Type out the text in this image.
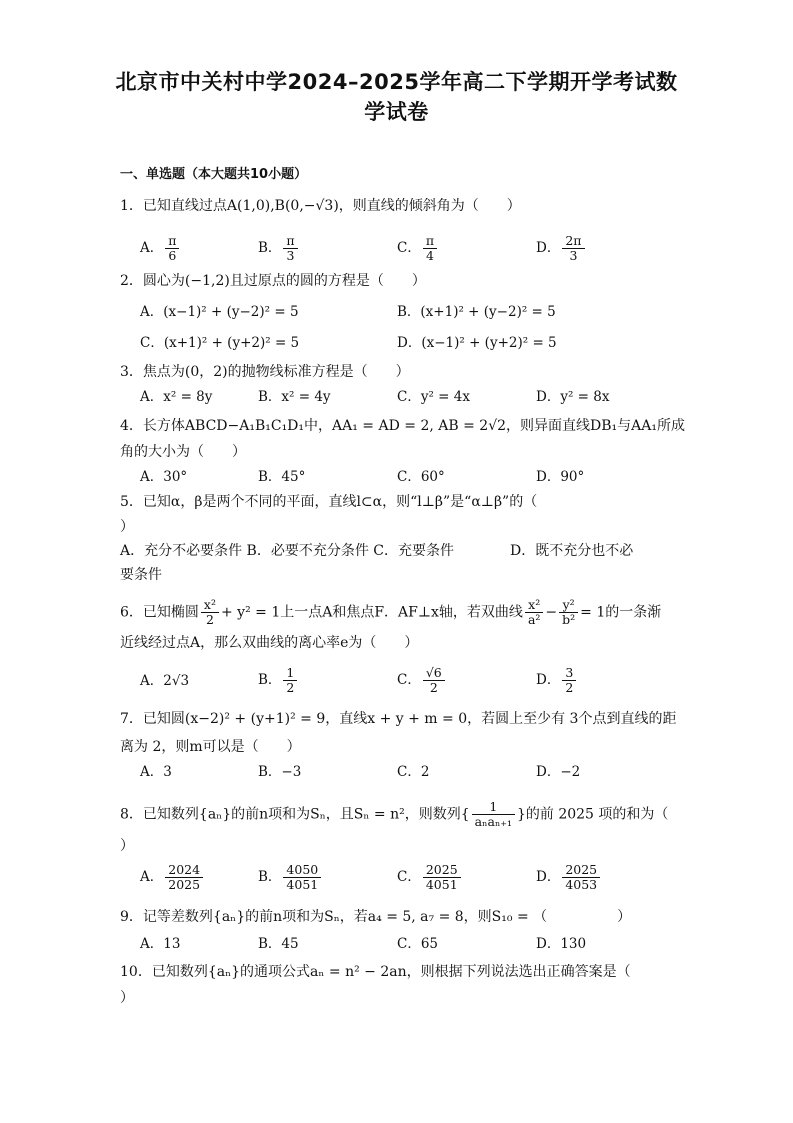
北京市中关村中学2024–2025学年高二下学期开学考试数
学试卷
一、单选题（本大题共10小题）
1．已知直线过点A(1,0),B(0,−√3)，则直线的倾斜角为（　　）
A． $\frac{\pi}{6}$	B． $\frac{\pi}{3}$	C． $\frac{\pi}{4}$	D． $\frac{2\pi}{3}$
2．圆心为(−1,2)且过原点的圆的方程是（　　）
A．(x−1)² + (y−2)² = 5	B．(x+1)² + (y−2)² = 5
C．(x+1)² + (y+2)² = 5	D．(x−1)² + (y+2)² = 5
3．焦点为(0，2)的抛物线标准方程是（　　）
A．x² = 8y	B．x² = 4y	C．y² = 4x	D．y² = 8x
4．长方体ABCD−A₁B₁C₁D₁中，AA₁ = AD = 2, AB = 2√2，则异面直线DB₁与AA₁所成
角的大小为（　　）
A．30°	B．45°	C．60°	D．90°
5．已知α，β是两个不同的平面，直线l⊂α，则“l⊥β”是“α⊥β”的（
）
A．充分不必要条件 B．必要不充分条件 C．充要条件　　　　D．既不充分也不必
要条件
6．已知椭圆 $\frac{\text{x²}}{2} + y^2 = 1$上一点A和焦点F．AF⊥x轴，若双曲线 $\frac{\text{x²}}{\text{a²}} - \frac{\text{y²}}{\text{b²}} = 1$的一条渐
近线经过点A，那么双曲线的离心率e为（　　）
A．2√3	B． $\frac{1}{2}$	C． $\frac{√6}{2}$	D． $\frac{3}{2}$
7．已知圆(x−2)² + (y+1)² = 9，直线x + y + m = 0，若圆上至少有 3个点到直线的距
离为 2，则m可以是（　　）
A．3	B．−3	C．2	D．−2
8．已知数列{aₙ}的前n项和为Sₙ，且Sₙ = n²，则数列{ $\frac{1}{\text{aₙaₙ₊₁}}$ }的前 2025 项的和为（
）
A． $\frac{2024}{2025}$	B． $\frac{4050}{4051}$	C． $\frac{2025}{4051}$	D． $\frac{2025}{4053}$
9．记等差数列{aₙ}的前n项和为Sₙ，若a₄ = 5, a₇ = 8，则S₁₀ = （　　　　　）
A．13	B．45	C．65	D．130
10．已知数列{aₙ}的通项公式aₙ = n² − 2an，则根据下列说法选出正确答案是（
）
